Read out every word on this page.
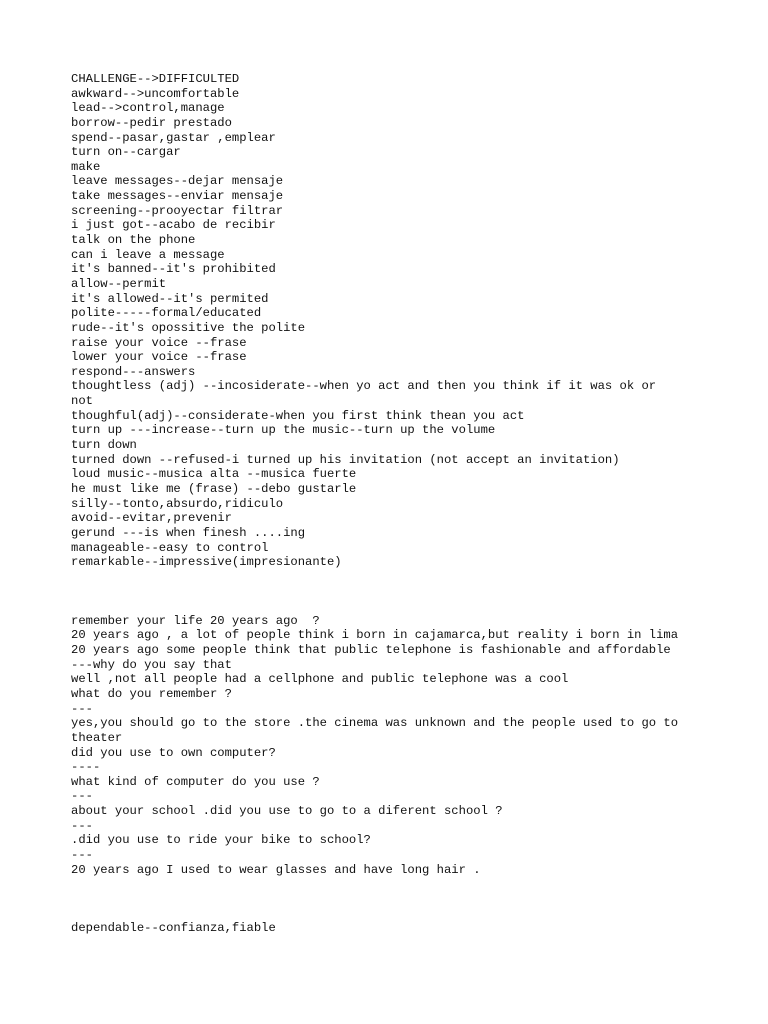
CHALLENGE-->DIFFICULTED
awkward-->uncomfortable
lead-->control,manage
borrow--pedir prestado
spend--pasar,gastar ,emplear
turn on--cargar
make
leave messages--dejar mensaje
take messages--enviar mensaje
screening--prooyectar filtrar
i just got--acabo de recibir
talk on the phone
can i leave a message
it's banned--it's prohibited
allow--permit
it's allowed--it's permited
polite-----formal/educated
rude--it's opossitive the polite
raise your voice --frase
lower your voice --frase
respond---answers
thoughtless (adj) --incosiderate--when yo act and then you think if it was ok or
not
thoughful(adj)--considerate-when you first think thean you act
turn up ---increase--turn up the music--turn up the volume
turn down
turned down --refused-i turned up his invitation (not accept an invitation)
loud music--musica alta --musica fuerte
he must like me (frase) --debo gustarle
silly--tonto,absurdo,ridiculo
avoid--evitar,prevenir
gerund ---is when finesh ....ing
manageable--easy to control
remarkable--impressive(impresionante)
remember your life 20 years ago  ?
20 years ago , a lot of people think i born in cajamarca,but reality i born in lima
20 years ago some people think that public telephone is fashionable and affordable
---why do you say that
well ,not all people had a cellphone and public telephone was a cool
what do you remember ?
---
yes,you should go to the store .the cinema was unknown and the people used to go to
theater
did you use to own computer?
----
what kind of computer do you use ?
---
about your school .did you use to go to a diferent school ?
---
.did you use to ride your bike to school?
---
20 years ago I used to wear glasses and have long hair .
dependable--confianza,fiable
